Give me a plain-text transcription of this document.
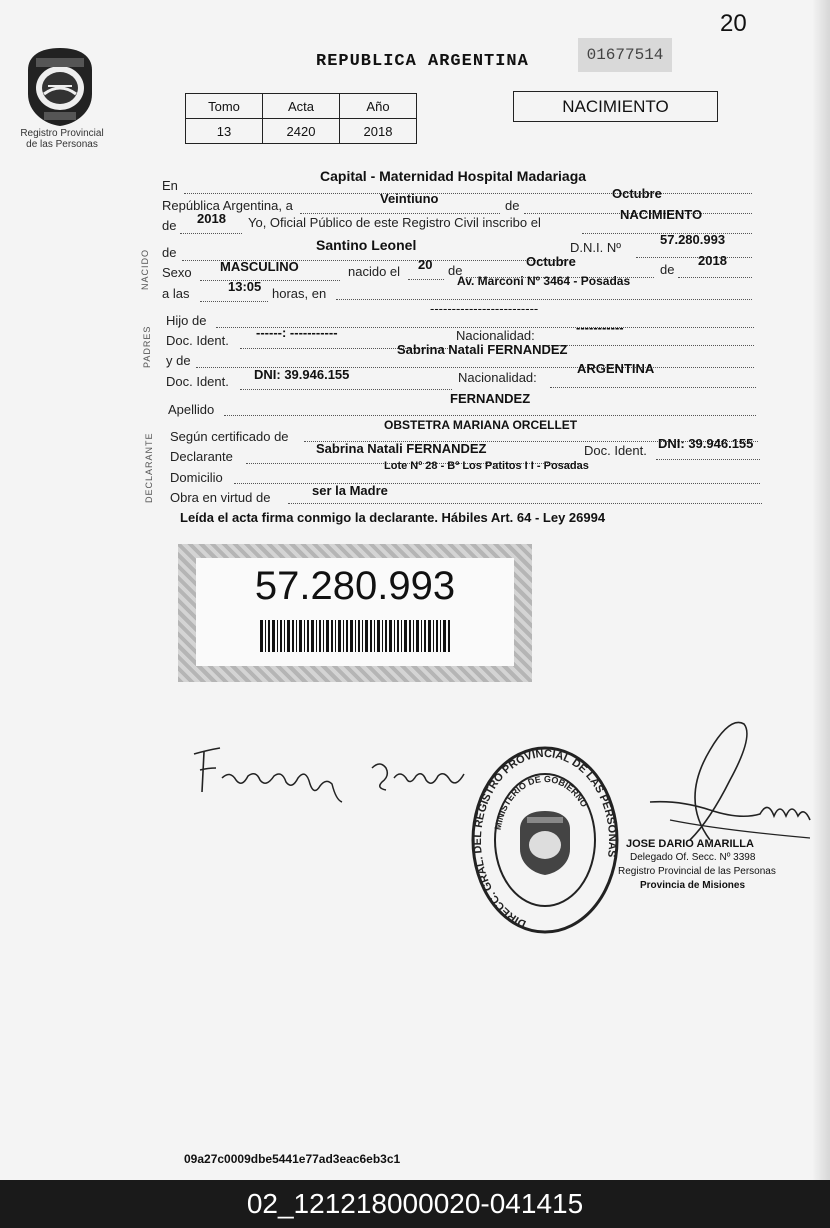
20
Registro Provincial
de las Personas
REPUBLICA ARGENTINA	01677514
Tomo	Acta	Año
13	2420	2018
NACIMIENTO
NACIDO
PADRES
DECLARANTE
En
Capital - Maternidad Hospital Madariaga
República Argentina, a	Veintiuno	de
Octubre
de 2018 Yo, Oficial Público de este Registro Civil inscribo el
NACIMIENTO
de	Santino Leonel	D.N.I. Nº
57.280.993
Sexo MASCULINO	nacido el 20 de
Octubre
de
2018
a las	13:05 horas, en
Av. Marconi Nº 3464 - Posadas
Hijo de
-------------------------
Doc. Ident.
------: -----------	Nacionalidad:
-----------
y de
Sabrina Natali FERNANDEZ
Doc. Ident. DNI: 39.946.155	Nacionalidad:
ARGENTINA
Apellido
FERNANDEZ
Según certificado de
OBSTETRA MARIANA ORCELLET
Declarante
Sabrina Natali FERNANDEZ	Doc. Ident. DNI: 39.946.155
Domicilio
Lote Nº 28 - Bº Los Patitos I I - Posadas
Obra en virtud de	ser la Madre
Leída el acta firma conmigo la declarante. Hábiles Art. 64 - Ley 26994
57.280.993
DIRECC. GRAL. DEL REGISTRO PROVINCIAL DE LAS PERSONAS
MINISTERIO DE GOBIERNO
JOSE DARIO AMARILLA
Delegado Of. Secc. Nº 3398
Registro Provincial de las Personas
Provincia de Misiones
09a27c0009dbe5441e77ad3eac6eb3c1
02_121218000020-041415
